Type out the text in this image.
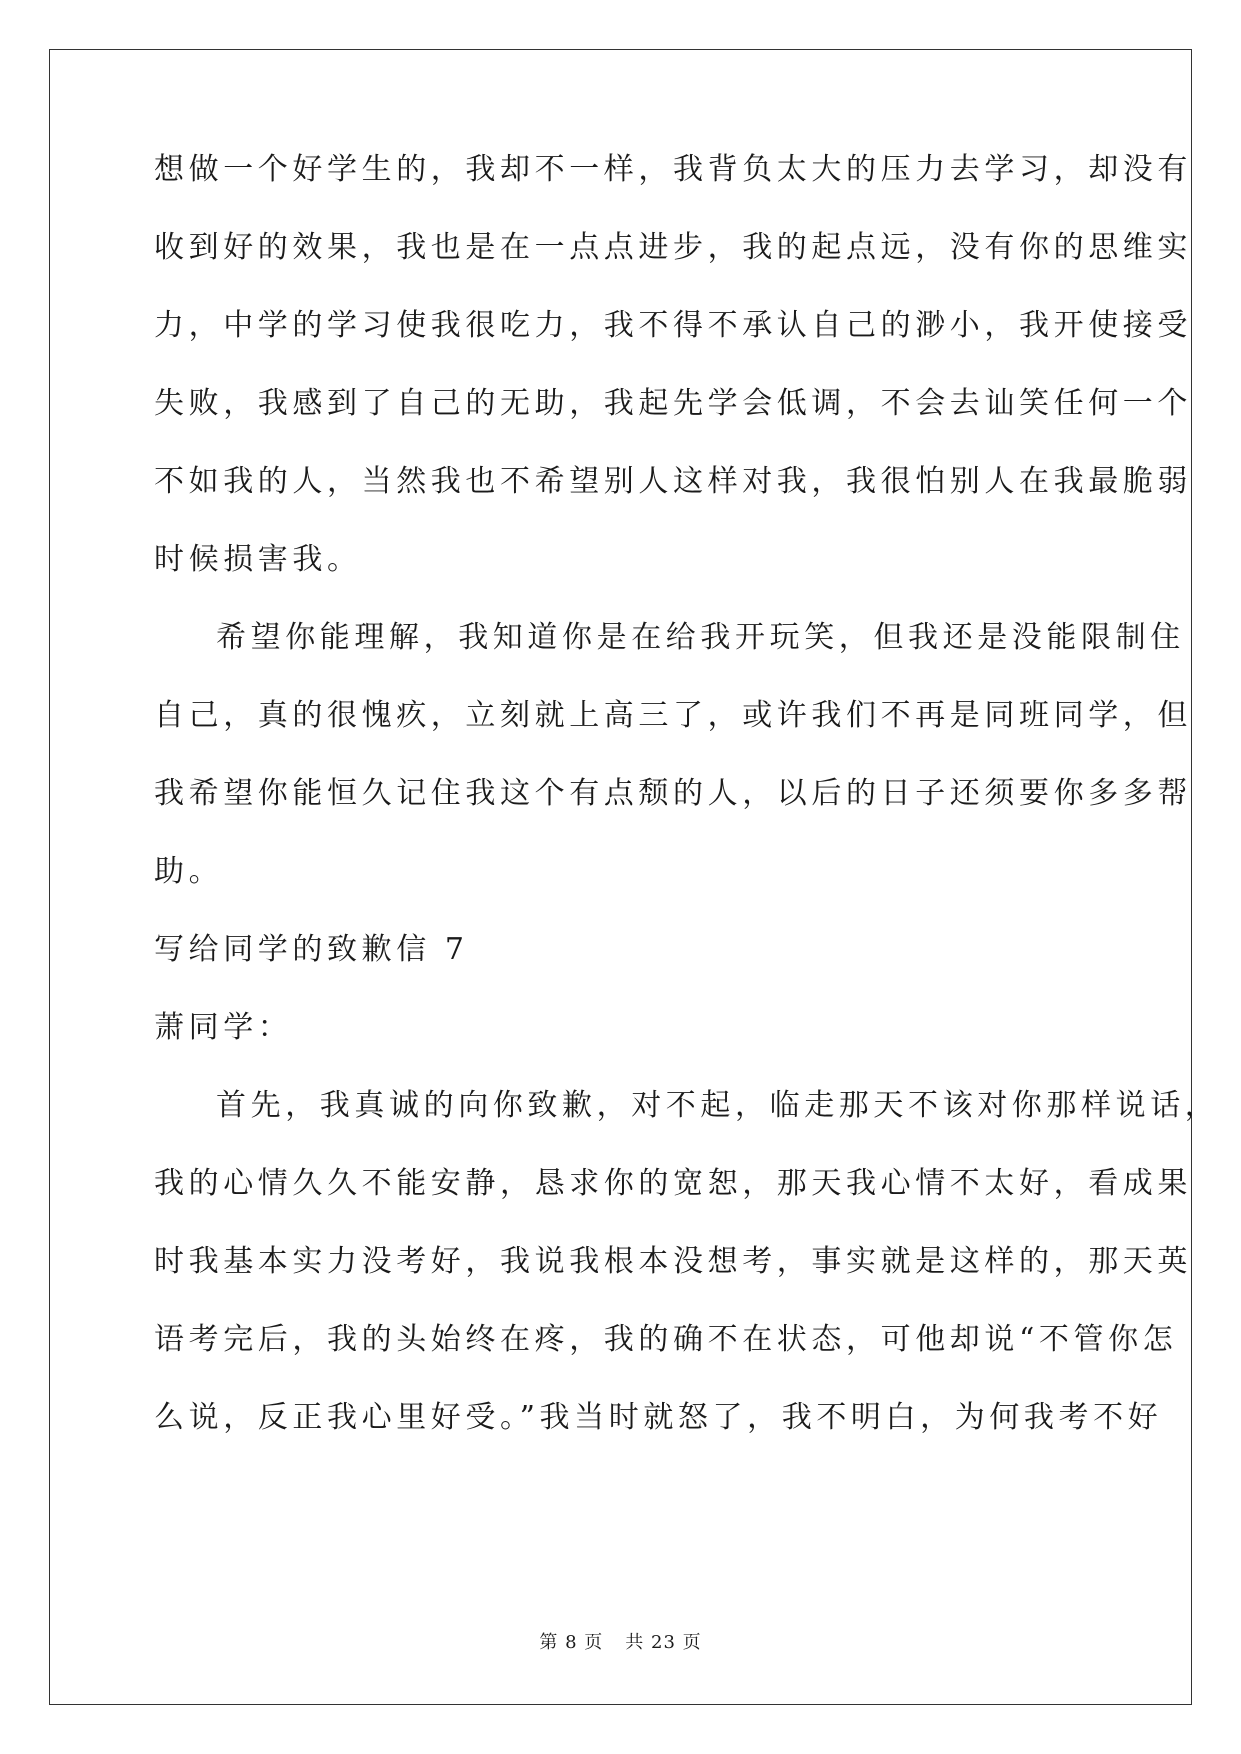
想做一个好学生的，我却不一样，我背负太大的压力去学习，却没有
收到好的效果，我也是在一点点进步，我的起点远，没有你的思维实
力，中学的学习使我很吃力，我不得不承认自己的渺小，我开使接受
失败，我感到了自己的无助，我起先学会低调，不会去讪笑任何一个
不如我的人，当然我也不希望别人这样对我，我很怕别人在我最脆弱
时候损害我。
希望你能理解，我知道你是在给我开玩笑，但我还是没能限制住
自己，真的很愧疚，立刻就上高三了，或许我们不再是同班同学，但
我希望你能恒久记住我这个有点颓的人，以后的日子还须要你多多帮
助。
写给同学的致歉信 7
萧同学：
首先，我真诚的向你致歉，对不起，临走那天不该对你那样说话，
我的心情久久不能安静，恳求你的宽恕，那天我心情不太好，看成果
时我基本实力没考好，我说我根本没想考，事实就是这样的，那天英
语考完后，我的头始终在疼，我的确不在状态，可他却说“不管你怎
么说，反正我心里好受。”我当时就怒了，我不明白，为何我考不好
第 8 页 共 23 页
